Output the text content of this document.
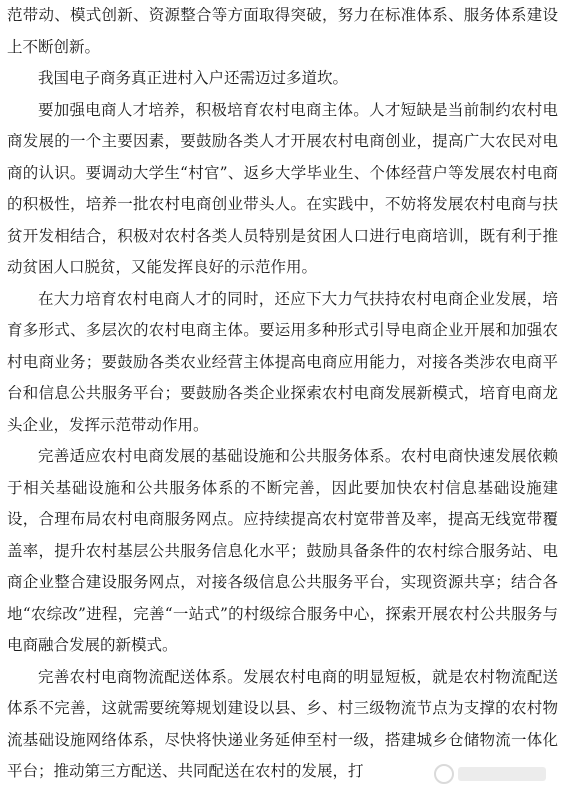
范带动、模式创新、资源整合等方面取得突破，努力在标准体系、服务体系建设上不断创新。

我国电子商务真正进村入户还需迈过多道坎。

要加强电商人才培养，积极培育农村电商主体。人才短缺是当前制约农村电商发展的一个主要因素，要鼓励各类人才开展农村电商创业，提高广大农民对电商的认识。要调动大学生“村官”、返乡大学毕业生、个体经营户等发展农村电商的积极性，培养一批农村电商创业带头人。在实践中，不妨将发展农村电商与扶贫开发相结合，积极对农村各类人员特别是贫困人口进行电商培训，既有利于推动贫困人口脱贫，又能发挥良好的示范作用。

在大力培育农村电商人才的同时，还应下大力气扶持农村电商企业发展，培育多形式、多层次的农村电商主体。要运用多种形式引导电商企业开展和加强农村电商业务；要鼓励各类农业经营主体提高电商应用能力，对接各类涉农电商平台和信息公共服务平台；要鼓励各类企业探索农村电商发展新模式，培育电商龙头企业，发挥示范带动作用。

完善适应农村电商发展的基础设施和公共服务体系。农村电商快速发展依赖于相关基础设施和公共服务体系的不断完善，因此要加快农村信息基础设施建设，合理布局农村电商服务网点。应持续提高农村宽带普及率，提高无线宽带覆盖率，提升农村基层公共服务信息化水平；鼓励具备条件的农村综合服务站、电商企业整合建设服务网点，对接各级信息公共服务平台，实现资源共享；结合各地“农综改”进程，完善“一站式”的村级综合服务中心，探索开展农村公共服务与电商融合发展的新模式。

完善农村电商物流配送体系。发展农村电商的明显短板，就是农村物流配送体系不完善，这就需要统筹规划建设以县、乡、村三级物流节点为支撑的农村物流基础设施网络体系，尽快将快递业务延伸至村一级，搭建城乡仓储物流一体化平台；推动第三方配送、共同配送在农村的发展，打
